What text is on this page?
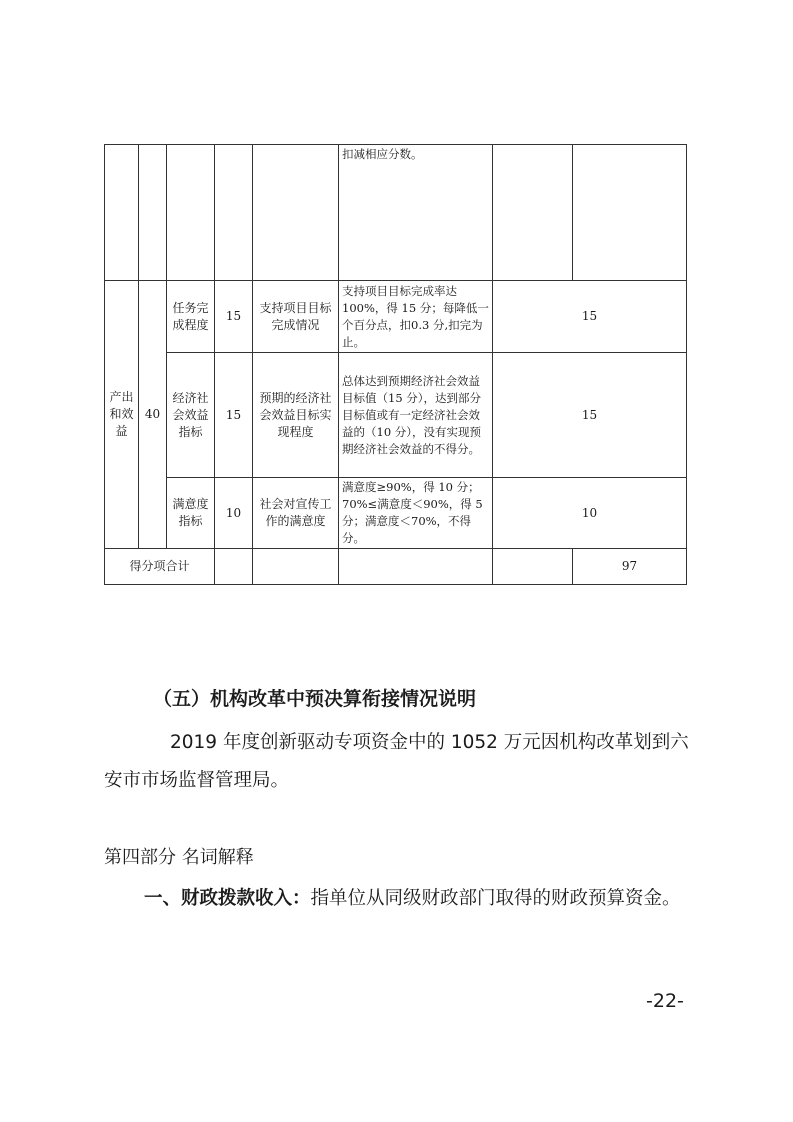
					扣减相应分数。		
产出和效益	40	任务完成程度	15	支持项目目标完成情况	支持项目目标完成率达100%，得 15 分；每降低一个百分点，扣0.3 分,扣完为止。	15	
		经济社会效益指标	15	预期的经济社会效益目标实现程度	总体达到预期经济社会效益目标值（15 分），达到部分目标值或有一定经济社会效益的（10 分），没有实现预期经济社会效益的不得分。	15	
		满意度指标	10	社会对宣传工作的满意度	满意度≥90%，得 10 分；70%≤满意度＜90%，得 5 分；满意度＜70%，不得分。	10	
得分项合计							97
（五）机构改革中预决算衔接情况说明
2019 年度创新驱动专项资金中的 1052 万元因机构改革划到六安市市场监督管理局。
第四部分 名词解释
一、财政拨款收入：指单位从同级财政部门取得的财政预算资金。
-22-
